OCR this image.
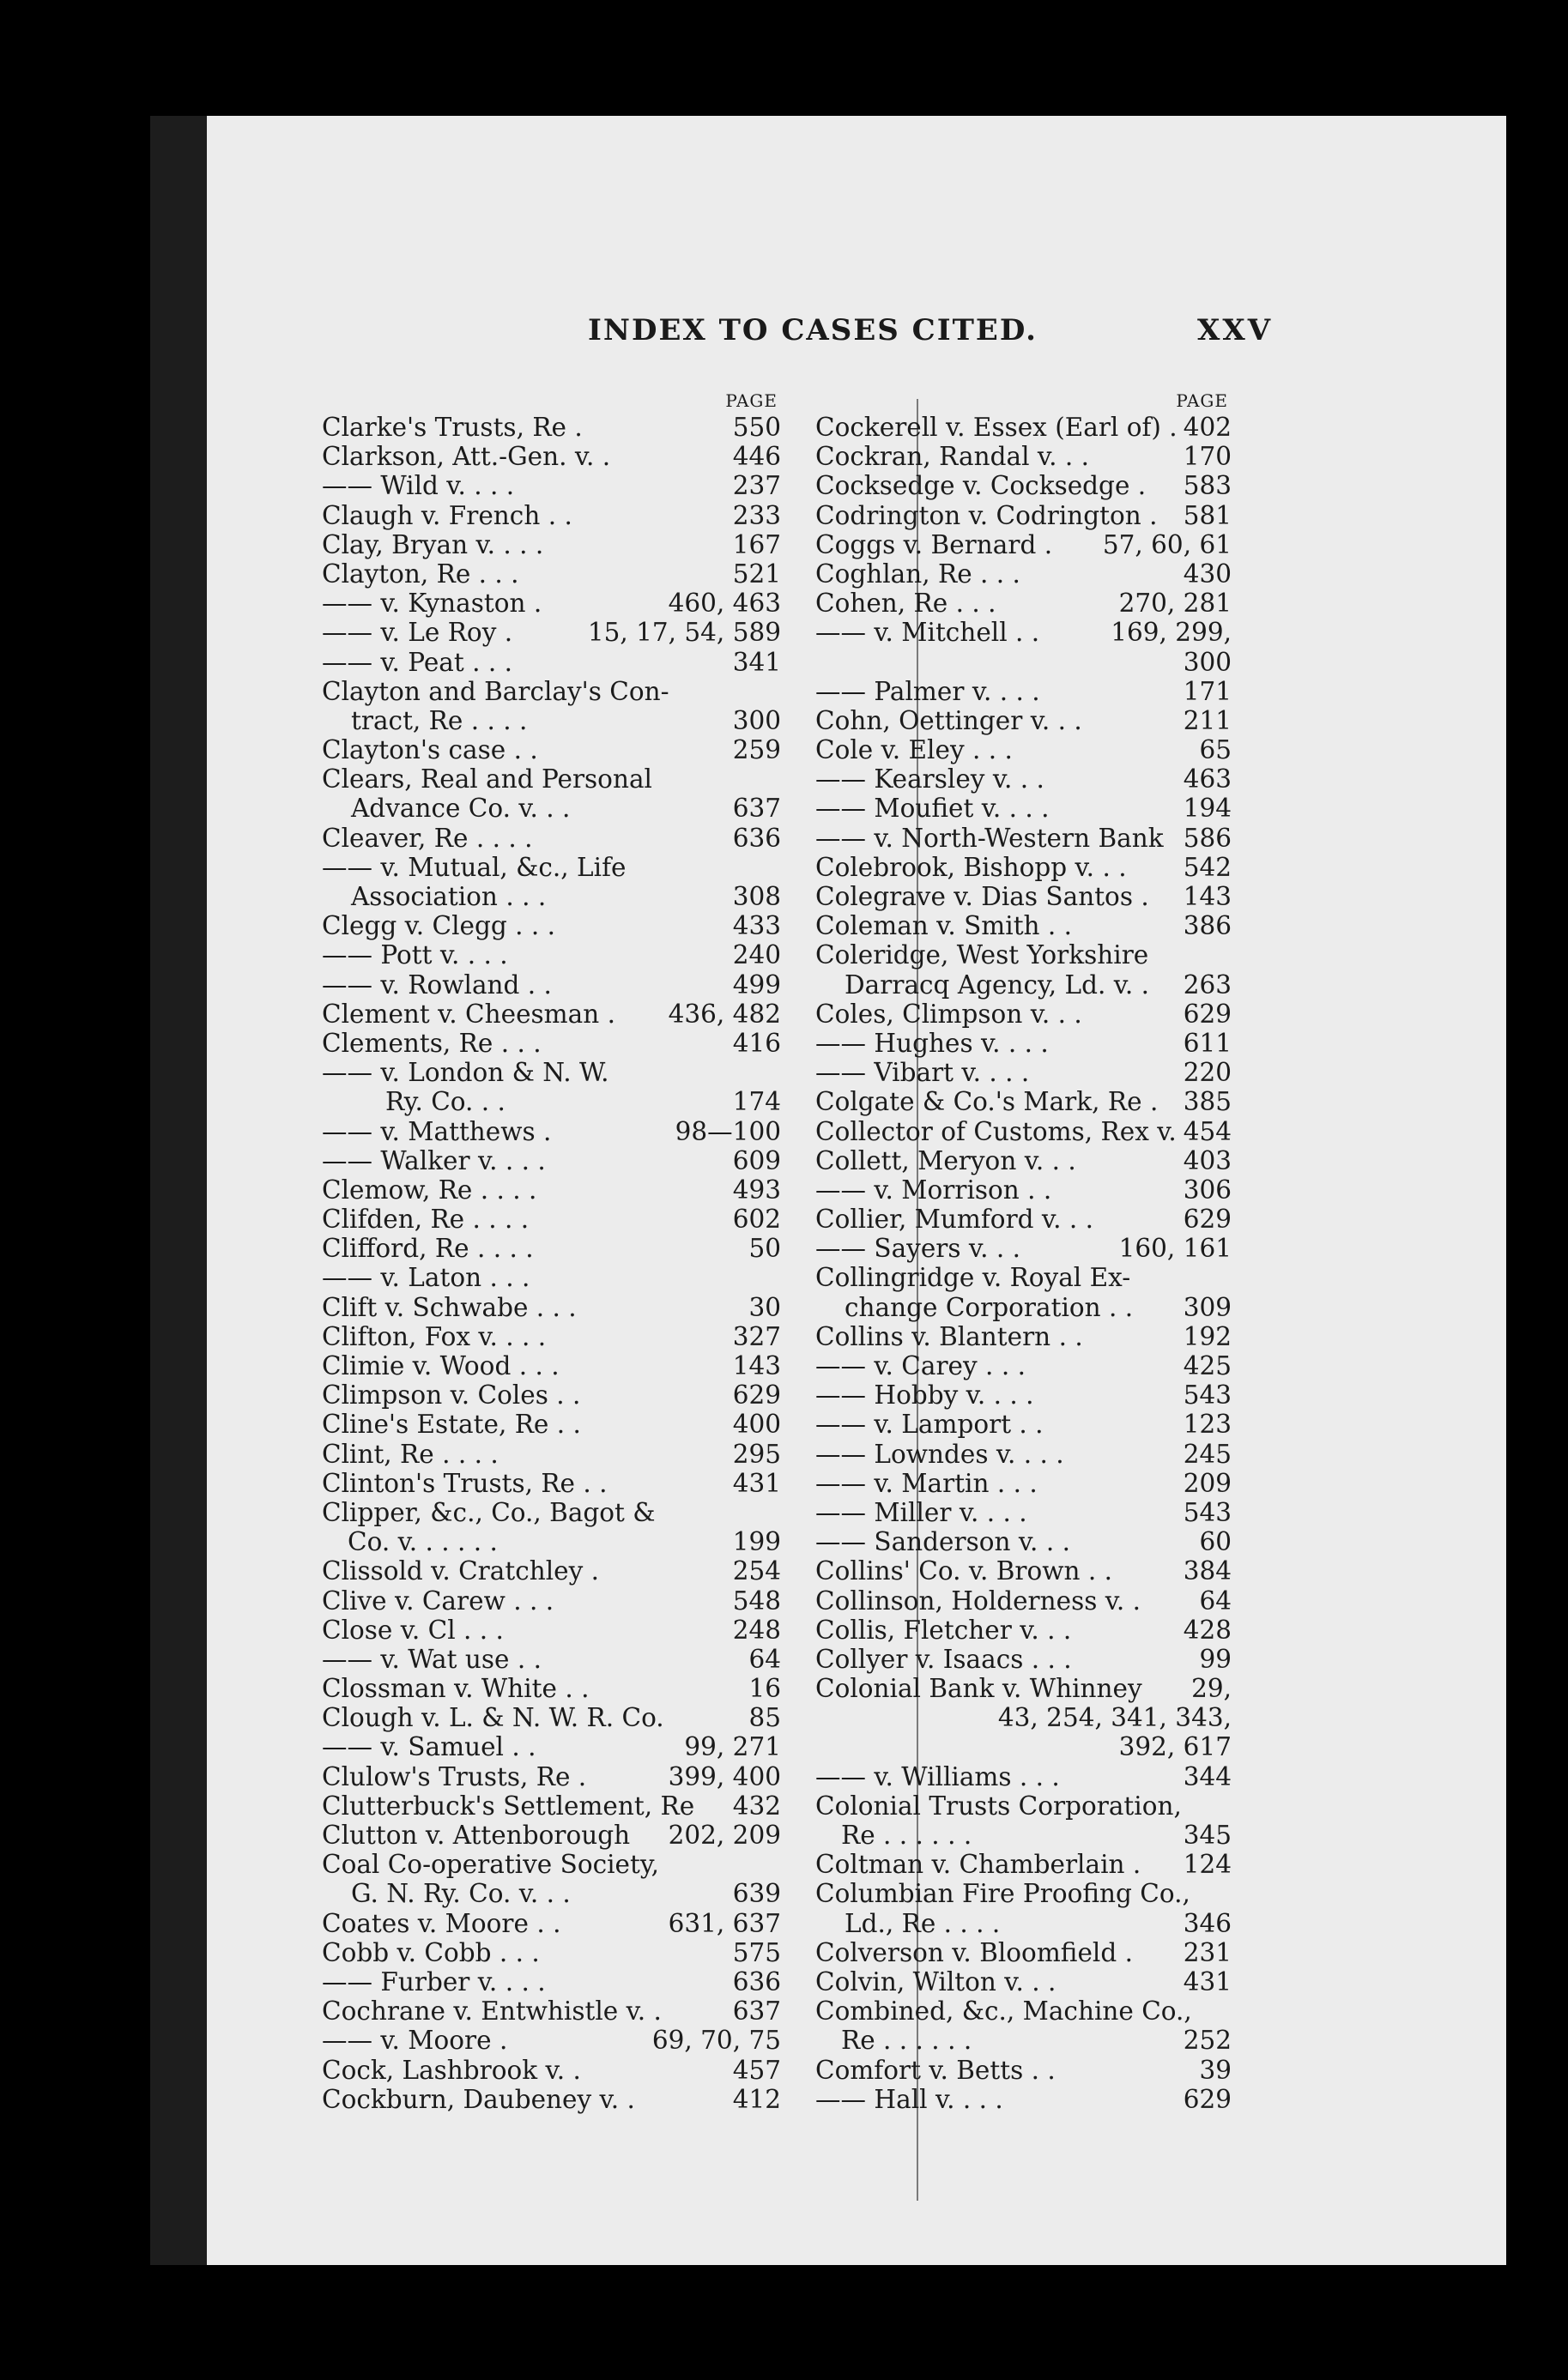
INDEX TO CASES CITED.	XXV
PAGE
Clarke's Trusts, Re .	550
Clarkson, Att.-Gen. v. .	446
—— Wild v. . . .	237
Claugh v. French . .	233
Clay, Bryan v. . . .	167
Clayton, Re . . .	521
—— v. Kynaston .	460, 463
—— v. Le Roy .	15, 17, 54, 589
—— v. Peat . . .	341
Clayton and Barclay's Con-
tract, Re . . . .	300
Clayton's case . .	259
Clears, Real and Personal
Advance Co. v. . .	637
Cleaver, Re . . . .	636
—— v. Mutual, &c., Life
Association . . .	308
Clegg v. Clegg . . .	433
—— Pott v. . . .	240
—— v. Rowland . .	499
Clement v. Cheesman . 436, 482
Clements, Re . . .	416
—— v. London & N. W.
Ry. Co. . .	174
—— v. Matthews .	98—100
—— Walker v. . . .	609
Clemow, Re . . . .	493
Clifden, Re . . . .	602
Clifford, Re . . . .	50
—— v. Laton . . .
Clift v. Schwabe . . .	30
Clifton, Fox v. . . .	327
Climie v. Wood . . .	143
Climpson v. Coles . .	629
Cline's Estate, Re . .	400
Clint, Re . . . .	295
Clinton's Trusts, Re . .	431
Clipper, &c., Co., Bagot &
Co. v. . . . . .	199
Clissold v. Cratchley .	254
Clive v. Carew . . .	548
Close v. Cl . . .	248
—— v. Wat use . .	64
Clossman v. White . .	16
Clough v. L. & N. W. R. Co.	85
—— v. Samuel . .	99, 271
Clulow's Trusts, Re .	399, 400
Clutterbuck's Settlement, Re 432
Clutton v. Attenborough 202, 209
Coal Co-operative Society,
G. N. Ry. Co. v. . .	639
Coates v. Moore . .	631, 637
Cobb v. Cobb . . .	575
—— Furber v. . . .	636
Cochrane v. Entwhistle v. .	637
—— v. Moore .	69, 70, 75
Cock, Lashbrook v. .	457
Cockburn, Daubeney v. .	412
PAGE
Cockerell v. Essex (Earl of) . 402
Cockran, Randal v. . .	170
Cocksedge v. Cocksedge . 583
Codrington v. Codrington . 581
Coggs v. Bernard . 57, 60, 61
Coghlan, Re . . .	430
Cohen, Re . . .	270, 281
—— v. Mitchell . .	169, 299,
300
—— Palmer v. . . .	171
Cohn, Oettinger v. . .	211
Cole v. Eley . . .	65
—— Kearsley v. . .	463
—— Moufiet v. . . .	194
—— v. North-Western Bank 586
Colebrook, Bishopp v. . . 542
Colegrave v. Dias Santos . 143
Coleman v. Smith . .	386
Coleridge, West Yorkshire
Darracq Agency, Ld. v. . 263
Coles, Climpson v. . .	629
—— Hughes v. . . .	611
—— Vibart v. . . .	220
Colgate & Co.'s Mark, Re . 385
Collector of Customs, Rex v. 454
Collett, Meryon v. . .	403
—— v. Morrison . .	306
Collier, Mumford v. . .	629
—— Sayers v. . .	160, 161
Collingridge v. Royal Ex-
change Corporation . . 309
Collins v. Blantern . .	192
—— v. Carey . . .	425
—— Hobby v. . . .	543
—— v. Lamport . .	123
—— Lowndes v. . . .	245
—— v. Martin . . .	209
—— Miller v. . . .	543
—— Sanderson v. . .	60
Collins' Co. v. Brown . .	384
Collinson, Holderness v. . 64
Collis, Fletcher v. . .	428
Collyer v. Isaacs . . .	99
Colonial Bank v. Whinney 29,
43, 254, 341, 343,
392, 617
—— v. Williams . . .	344
Colonial Trusts Corporation,
Re . . . . . .	345
Coltman v. Chamberlain . 124
Columbian Fire Proofing Co.,
Ld., Re . . . .	346
Colverson v. Bloomfield . 231
Colvin, Wilton v. . .	431
Combined, &c., Machine Co.,
Re . . . . . .	252
Comfort v. Betts . .	39
—— Hall v. . . .	629
